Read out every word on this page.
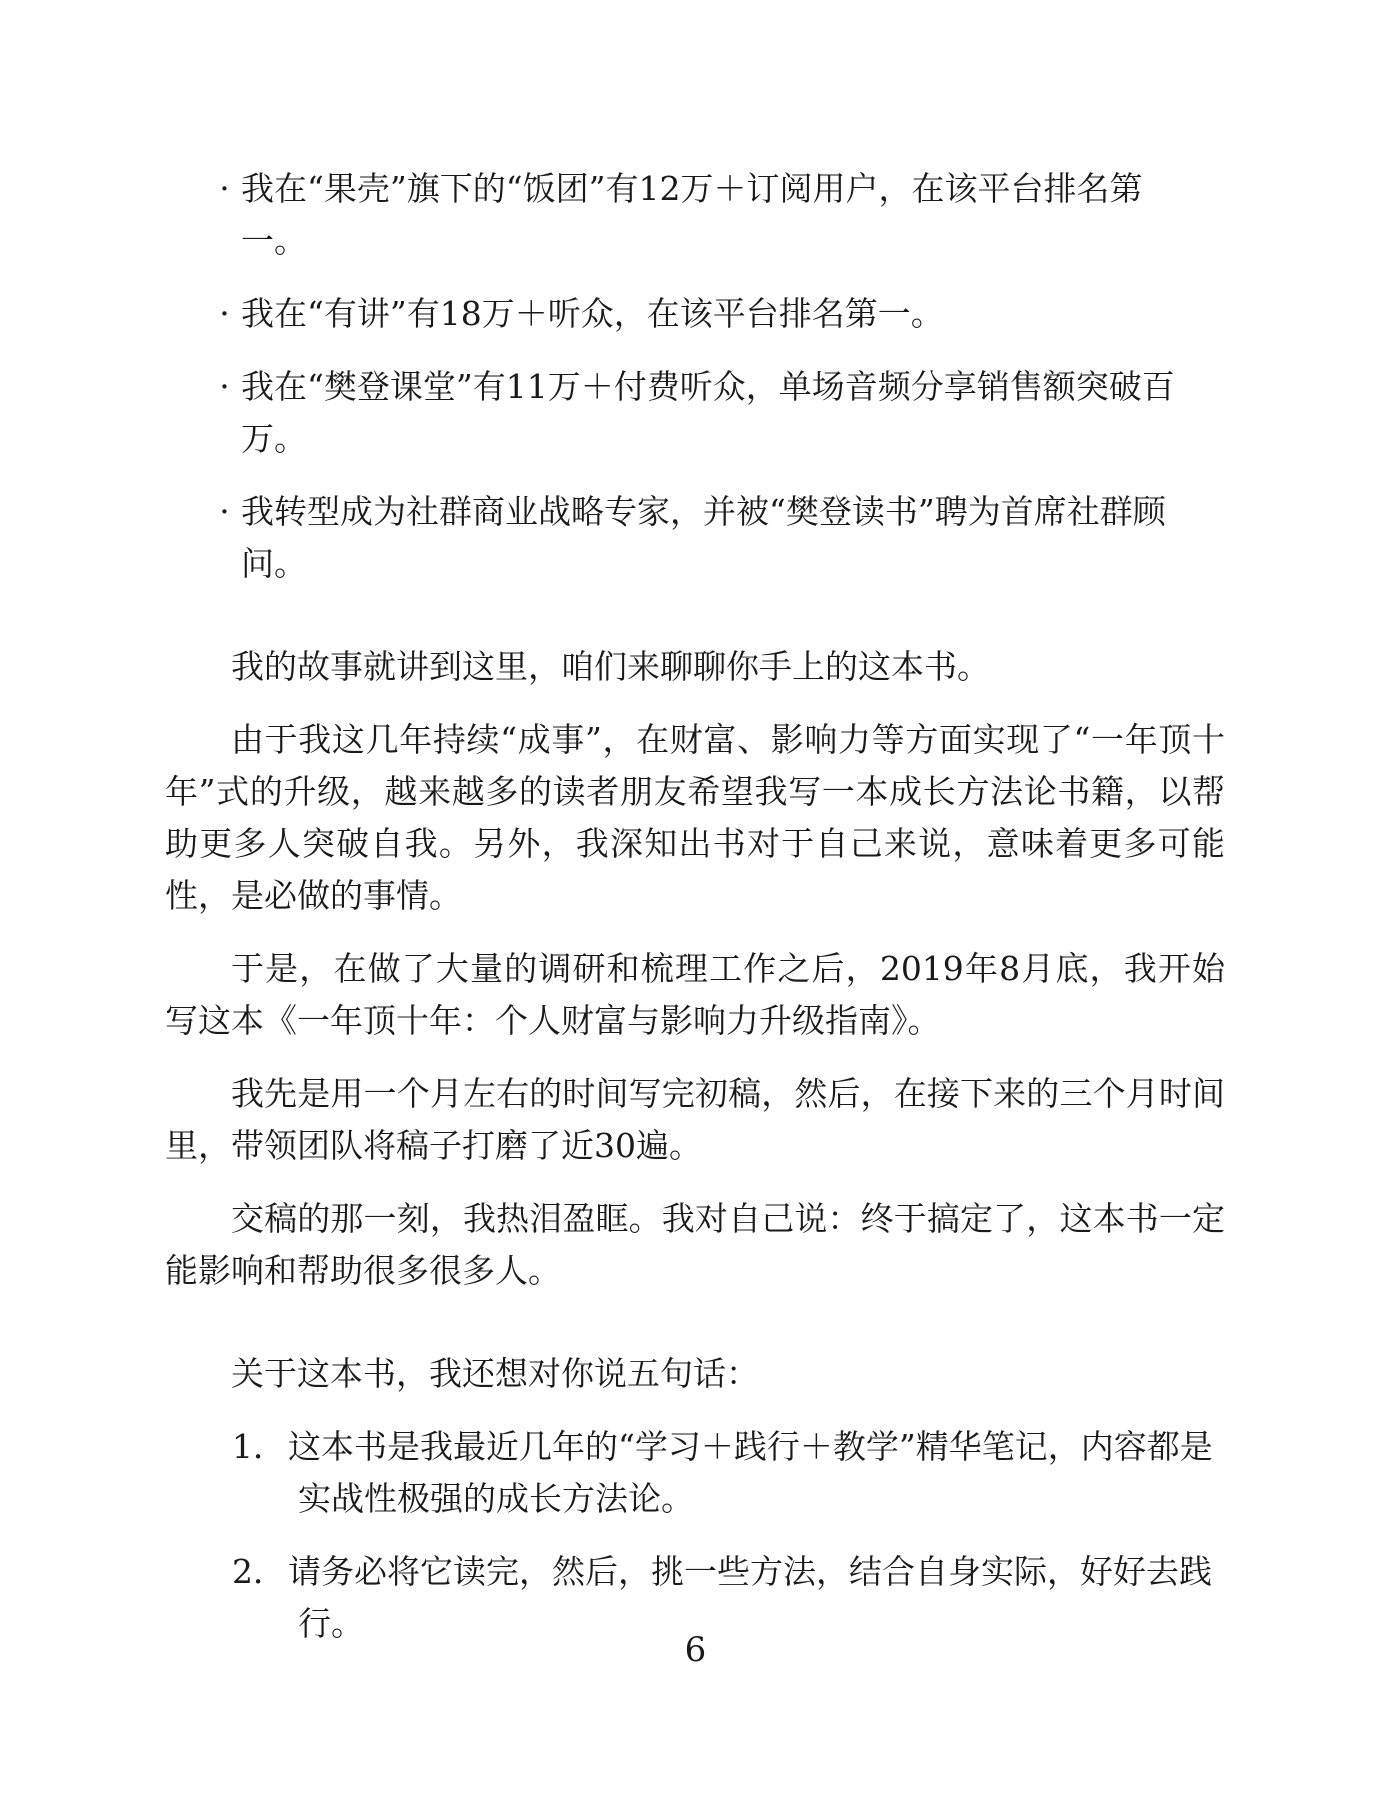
· 我在“果壳”旗下的“饭团”有12万＋订阅用户，在该平台排名第一。
· 我在“有讲”有18万＋听众，在该平台排名第一。
· 我在“樊登课堂”有11万＋付费听众，单场音频分享销售额突破百万。
· 我转型成为社群商业战略专家，并被“樊登读书”聘为首席社群顾问。

我的故事就讲到这里，咱们来聊聊你手上的这本书。

由于我这几年持续“成事”，在财富、影响力等方面实现了“一年顶十年”式的升级，越来越多的读者朋友希望我写一本成长方法论书籍，以帮助更多人突破自我。另外，我深知出书对于自己来说，意味着更多可能性，是必做的事情。

于是，在做了大量的调研和梳理工作之后，2019年8月底，我开始写这本《一年顶十年：个人财富与影响力升级指南》。

我先是用一个月左右的时间写完初稿，然后，在接下来的三个月时间里，带领团队将稿子打磨了近30遍。

交稿的那一刻，我热泪盈眶。我对自己说：终于搞定了，这本书一定能影响和帮助很多很多人。

关于这本书，我还想对你说五句话：

1．这本书是我最近几年的“学习＋践行＋教学”精华笔记，内容都是实战性极强的成长方法论。
2．请务必将它读完，然后，挑一些方法，结合自身实际，好好去践行。
6
